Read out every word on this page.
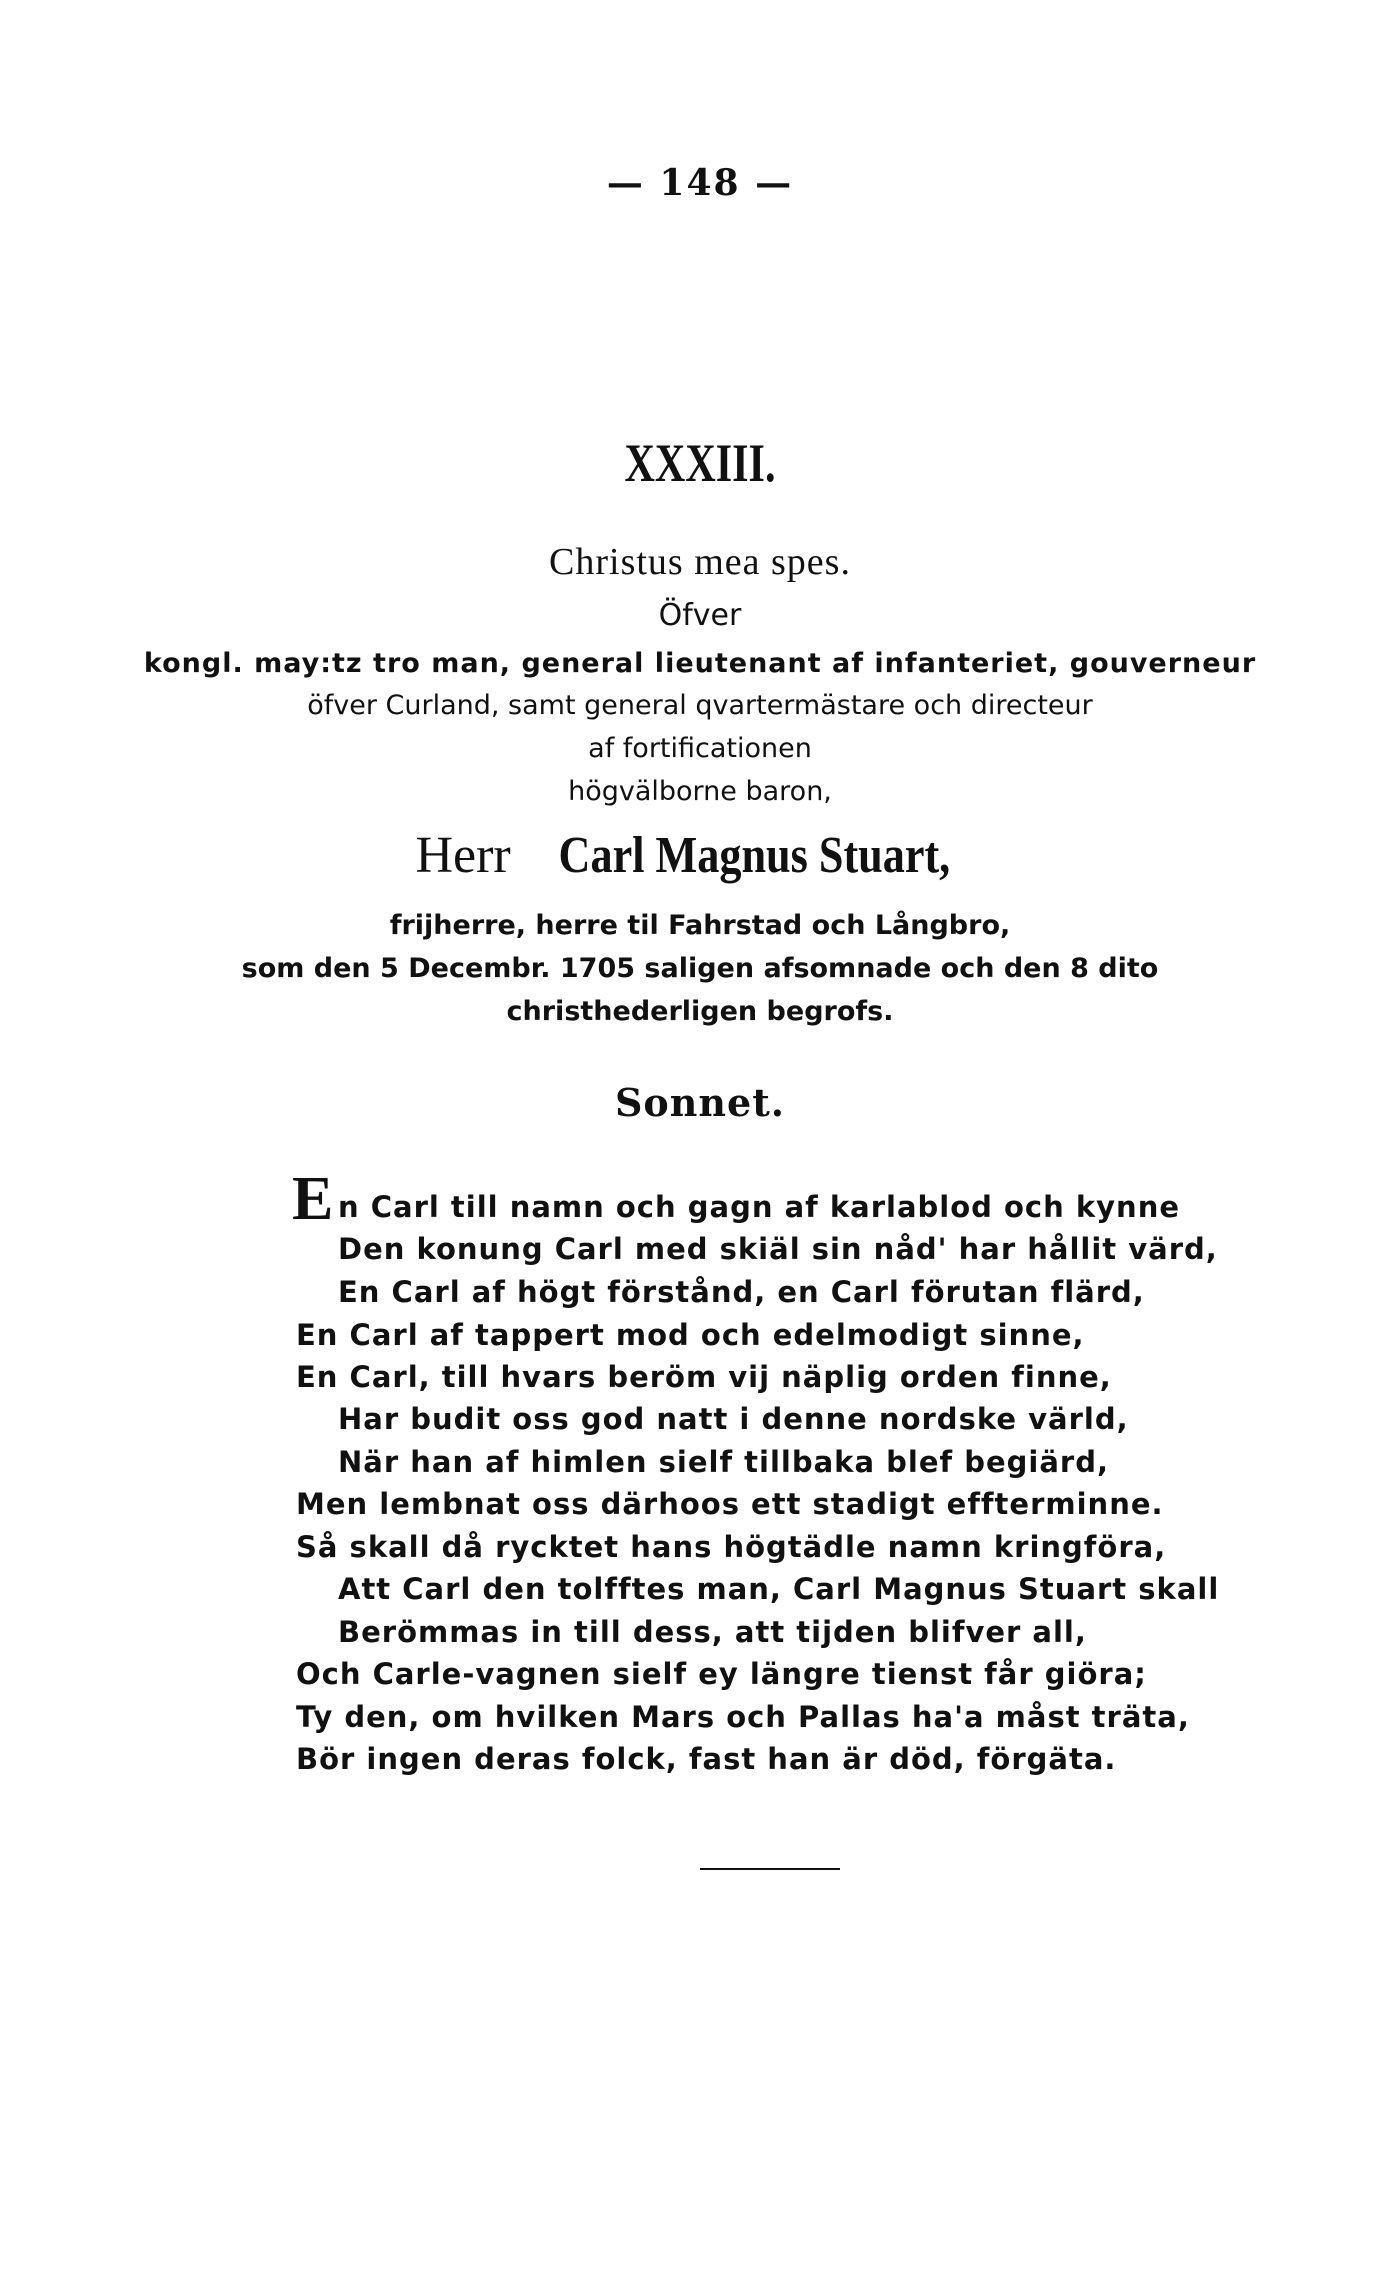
— 148 —
XXXIII.
Christus mea spes.
Öfver
kongl. may:tz tro man, general lieutenant af infanteriet, gouverneur
öfver Curland, samt general qvartermästare och directeur
af fortificationen
högvälborne baron,
Herr Carl Magnus Stuart,
frijherre, herre til Fahrstad och Långbro,
som den 5 Decembr. 1705 saligen afsomnade och den 8 dito
christhederligen begrofs.
Sonnet.
E n Carl till namn och gagn af karlablod och kynne
Den konung Carl med skiäl sin nåd' har hållit värd,
En Carl af högt förstånd, en Carl förutan flärd,
En Carl af tappert mod och edelmodigt sinne,
En Carl, till hvars beröm vij näplig orden finne,
Har budit oss god natt i denne nordske värld,
När han af himlen sielf tillbaka blef begiärd,
Men lembnat oss därhoos ett stadigt effterminne.
Så skall då rycktet hans högtädle namn kringföra,
Att Carl den tolfftes man, Carl Magnus Stuart skall
Berömmas in till dess, att tijden blifver all,
Och Carle-vagnen sielf ey längre tienst får giöra;
Ty den, om hvilken Mars och Pallas ha'a måst träta,
Bör ingen deras folck, fast han är död, förgäta.
